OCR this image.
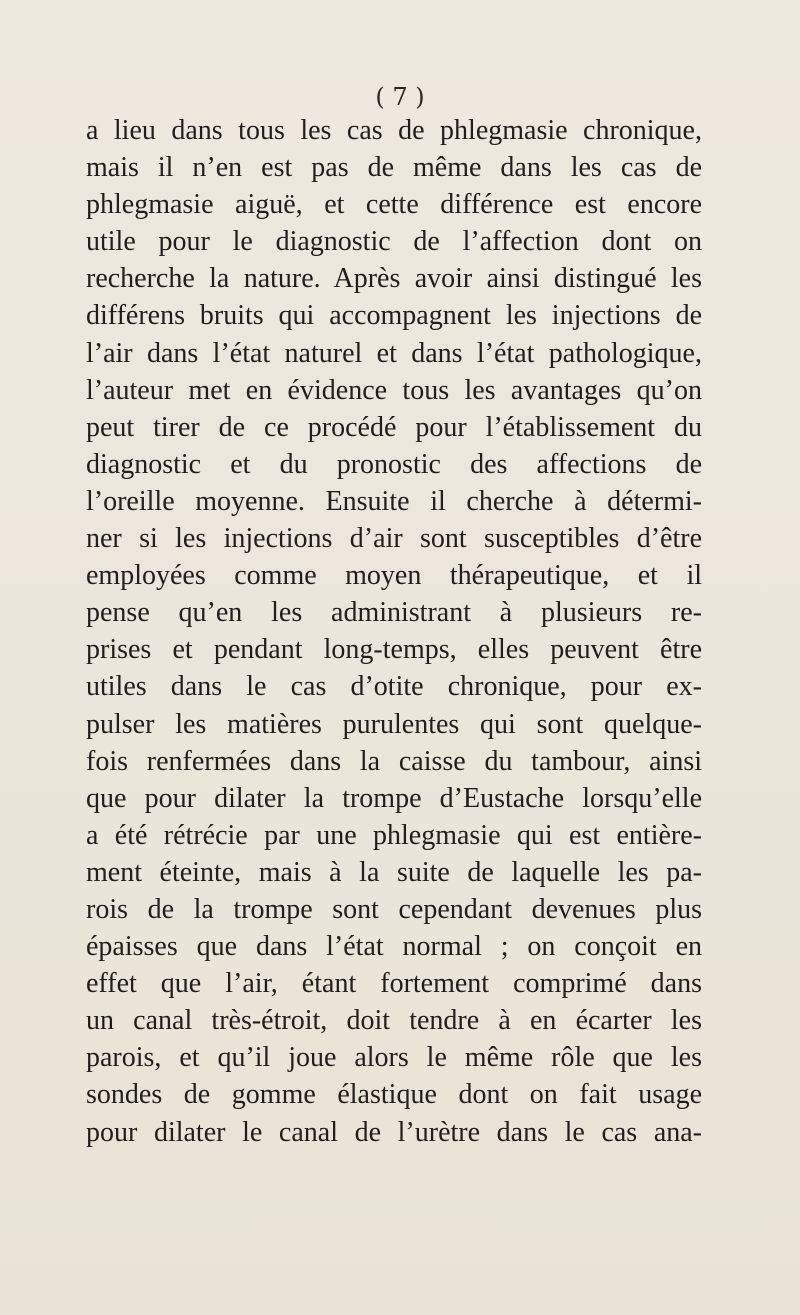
( 7 )
a lieu dans tous les cas de phlegmasie chronique,
mais il n’en est pas de même dans les cas de
phlegmasie aiguë, et cette différence est encore
utile pour le diagnostic de l’affection dont on
recherche la nature. Après avoir ainsi distingué les
différens bruits qui accompagnent les injections de
l’air dans l’état naturel et dans l’état pathologique,
l’auteur met en évidence tous les avantages qu’on
peut tirer de ce procédé pour l’établissement du
diagnostic et du pronostic des affections de
l’oreille moyenne. Ensuite il cherche à détermi-
ner si les injections d’air sont susceptibles d’être
employées comme moyen thérapeutique, et il
pense qu’en les administrant à plusieurs re-
prises et pendant long-temps, elles peuvent être
utiles dans le cas d’otite chronique, pour ex-
pulser les matières purulentes qui sont quelque-
fois renfermées dans la caisse du tambour, ainsi
que pour dilater la trompe d’Eustache lorsqu’elle
a été rétrécie par une phlegmasie qui est entière-
ment éteinte, mais à la suite de laquelle les pa-
rois de la trompe sont cependant devenues plus
épaisses que dans l’état normal ; on conçoit en
effet que l’air, étant fortement comprimé dans
un canal très-étroit, doit tendre à en écarter les
parois, et qu’il joue alors le même rôle que les
sondes de gomme élastique dont on fait usage
pour dilater le canal de l’urètre dans le cas ana-
